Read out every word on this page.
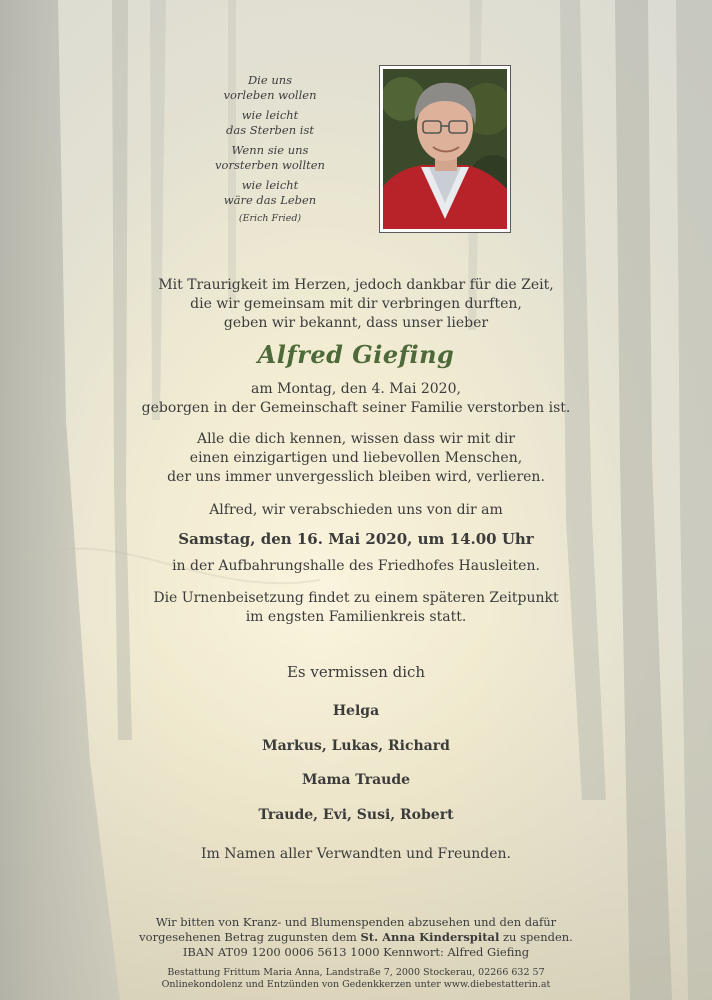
Die uns
vorleben wollen
wie leicht
das Sterben ist
Wenn sie uns
vorsterben wollten
wie leicht
wäre das Leben
(Erich Fried)
Mit Traurigkeit im Herzen, jedoch dankbar für die Zeit,
die wir gemeinsam mit dir verbringen durften,
geben wir bekannt, dass unser lieber
Alfred Giefing
am Montag, den 4. Mai 2020,
geborgen in der Gemeinschaft seiner Familie verstorben ist.
Alle die dich kennen, wissen dass wir mit dir
einen einzigartigen und liebevollen Menschen,
der uns immer unvergesslich bleiben wird, verlieren.
Alfred, wir verabschieden uns von dir am
Samstag, den 16. Mai 2020, um 14.00 Uhr
in der Aufbahrungshalle des Friedhofes Hausleiten.
Die Urnenbeisetzung findet zu einem späteren Zeitpunkt
im engsten Familienkreis statt.
Es vermissen dich
Helga
Markus, Lukas, Richard
Mama Traude
Traude, Evi, Susi, Robert
Im Namen aller Verwandten und Freunden.
Wir bitten von Kranz- und Blumenspenden abzusehen und den dafür
vorgesehenen Betrag zugunsten dem St. Anna Kinderspital zu spenden.
IBAN AT09 1200 0006 5613 1000 Kennwort: Alfred Giefing
Bestattung Frittum Maria Anna, Landstraße 7, 2000 Stockerau, 02266 632 57
Onlinekondolenz und Entzünden von Gedenkkerzen unter www.diebestatterin.at
